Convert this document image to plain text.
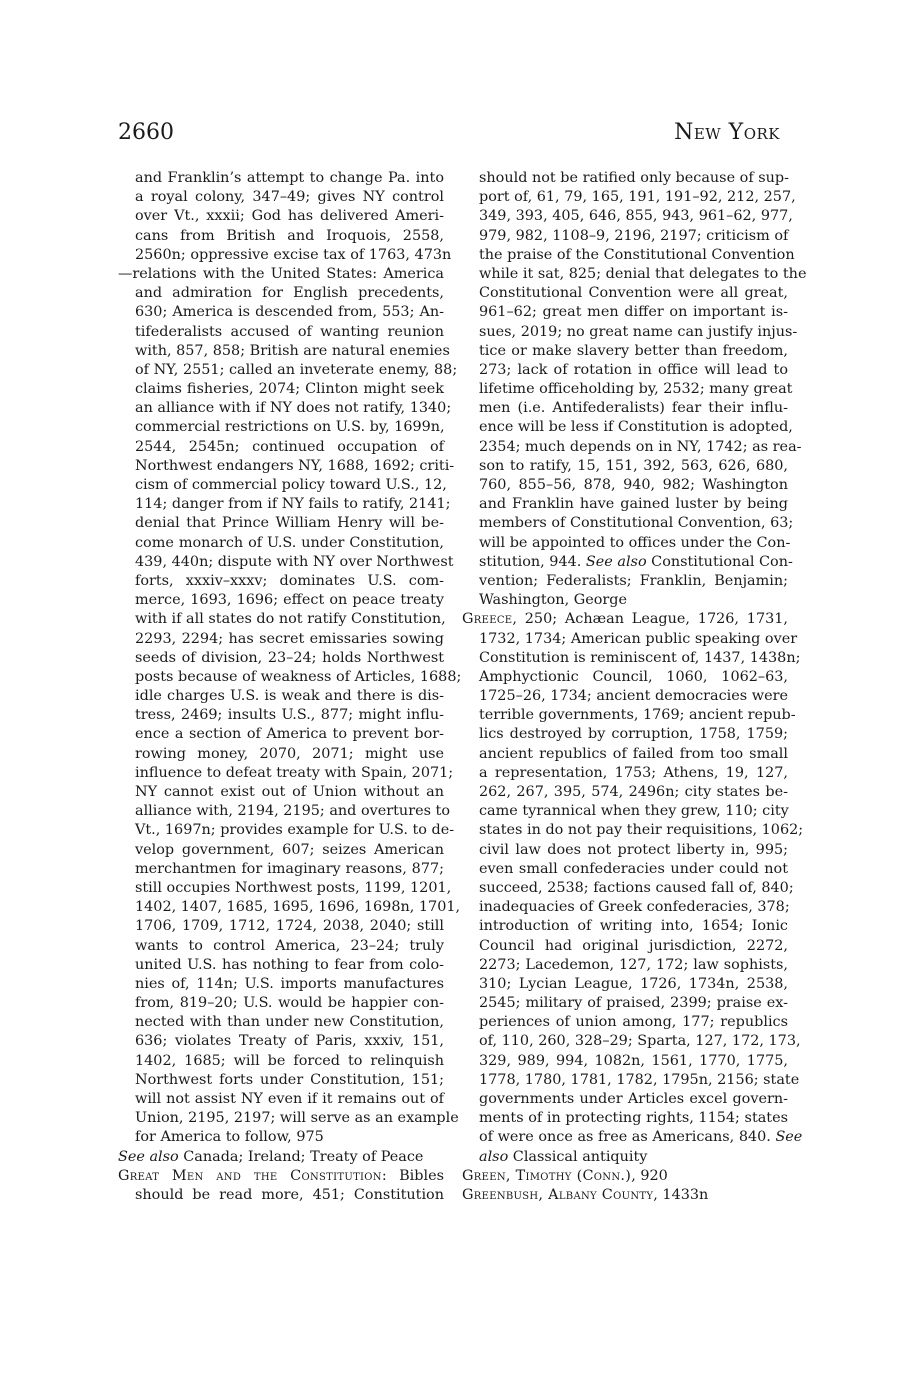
2660	New York
and Franklin’s attempt to change Pa. into
a royal colony, 347–49; gives NY control
over Vt., xxxii; God has delivered Ameri-
cans from British and Iroquois, 2558,
2560n; oppressive excise tax of 1763, 473n
—relations with the United States: America
and admiration for English precedents,
630; America is descended from, 553; An-
tifederalists accused of wanting reunion
with, 857, 858; British are natural enemies
of NY, 2551; called an inveterate enemy, 88;
claims fisheries, 2074; Clinton might seek
an alliance with if NY does not ratify, 1340;
commercial restrictions on U.S. by, 1699n,
2544, 2545n; continued occupation of
Northwest endangers NY, 1688, 1692; criti-
cism of commercial policy toward U.S., 12,
114; danger from if NY fails to ratify, 2141;
denial that Prince William Henry will be-
come monarch of U.S. under Constitution,
439, 440n; dispute with NY over Northwest
forts, xxxiv–xxxv; dominates U.S. com-
merce, 1693, 1696; effect on peace treaty
with if all states do not ratify Constitution,
2293, 2294; has secret emissaries sowing
seeds of division, 23–24; holds Northwest
posts because of weakness of Articles, 1688;
idle charges U.S. is weak and there is dis-
tress, 2469; insults U.S., 877; might influ-
ence a section of America to prevent bor-
rowing money, 2070, 2071; might use
influence to defeat treaty with Spain, 2071;
NY cannot exist out of Union without an
alliance with, 2194, 2195; and overtures to
Vt., 1697n; provides example for U.S. to de-
velop government, 607; seizes American
merchantmen for imaginary reasons, 877;
still occupies Northwest posts, 1199, 1201,
1402, 1407, 1685, 1695, 1696, 1698n, 1701,
1706, 1709, 1712, 1724, 2038, 2040; still
wants to control America, 23–24; truly
united U.S. has nothing to fear from colo-
nies of, 114n; U.S. imports manufactures
from, 819–20; U.S. would be happier con-
nected with than under new Constitution,
636; violates Treaty of Paris, xxxiv, 151,
1402, 1685; will be forced to relinquish
Northwest forts under Constitution, 151;
will not assist NY even if it remains out of
Union, 2195, 2197; will serve as an example
for America to follow, 975
See also Canada; Ireland; Treaty of Peace
Great Men and the Constitution: Bibles
should be read more, 451; Constitution
should not be ratified only because of sup-
port of, 61, 79, 165, 191, 191–92, 212, 257,
349, 393, 405, 646, 855, 943, 961–62, 977,
979, 982, 1108–9, 2196, 2197; criticism of
the praise of the Constitutional Convention
while it sat, 825; denial that delegates to the
Constitutional Convention were all great,
961–62; great men differ on important is-
sues, 2019; no great name can justify injus-
tice or make slavery better than freedom,
273; lack of rotation in office will lead to
lifetime officeholding by, 2532; many great
men (i.e. Antifederalists) fear their influ-
ence will be less if Constitution is adopted,
2354; much depends on in NY, 1742; as rea-
son to ratify, 15, 151, 392, 563, 626, 680,
760, 855–56, 878, 940, 982; Washington
and Franklin have gained luster by being
members of Constitutional Convention, 63;
will be appointed to offices under the Con-
stitution, 944. See also Constitutional Con-
vention; Federalists; Franklin, Benjamin;
Washington, George
Greece, 250; Achæan League, 1726, 1731,
1732, 1734; American public speaking over
Constitution is reminiscent of, 1437, 1438n;
Amphyctionic Council, 1060, 1062–63,
1725–26, 1734; ancient democracies were
terrible governments, 1769; ancient repub-
lics destroyed by corruption, 1758, 1759;
ancient republics of failed from too small
a representation, 1753; Athens, 19, 127,
262, 267, 395, 574, 2496n; city states be-
came tyrannical when they grew, 110; city
states in do not pay their requisitions, 1062;
civil law does not protect liberty in, 995;
even small confederacies under could not
succeed, 2538; factions caused fall of, 840;
inadequacies of Greek confederacies, 378;
introduction of writing into, 1654; Ionic
Council had original jurisdiction, 2272,
2273; Lacedemon, 127, 172; law sophists,
310; Lycian League, 1726, 1734n, 2538,
2545; military of praised, 2399; praise ex-
periences of union among, 177; republics
of, 110, 260, 328–29; Sparta, 127, 172, 173,
329, 989, 994, 1082n, 1561, 1770, 1775,
1778, 1780, 1781, 1782, 1795n, 2156; state
governments under Articles excel govern-
ments of in protecting rights, 1154; states
of were once as free as Americans, 840. See
also Classical antiquity
Green, Timothy (Conn.), 920
Greenbush, Albany County, 1433n
